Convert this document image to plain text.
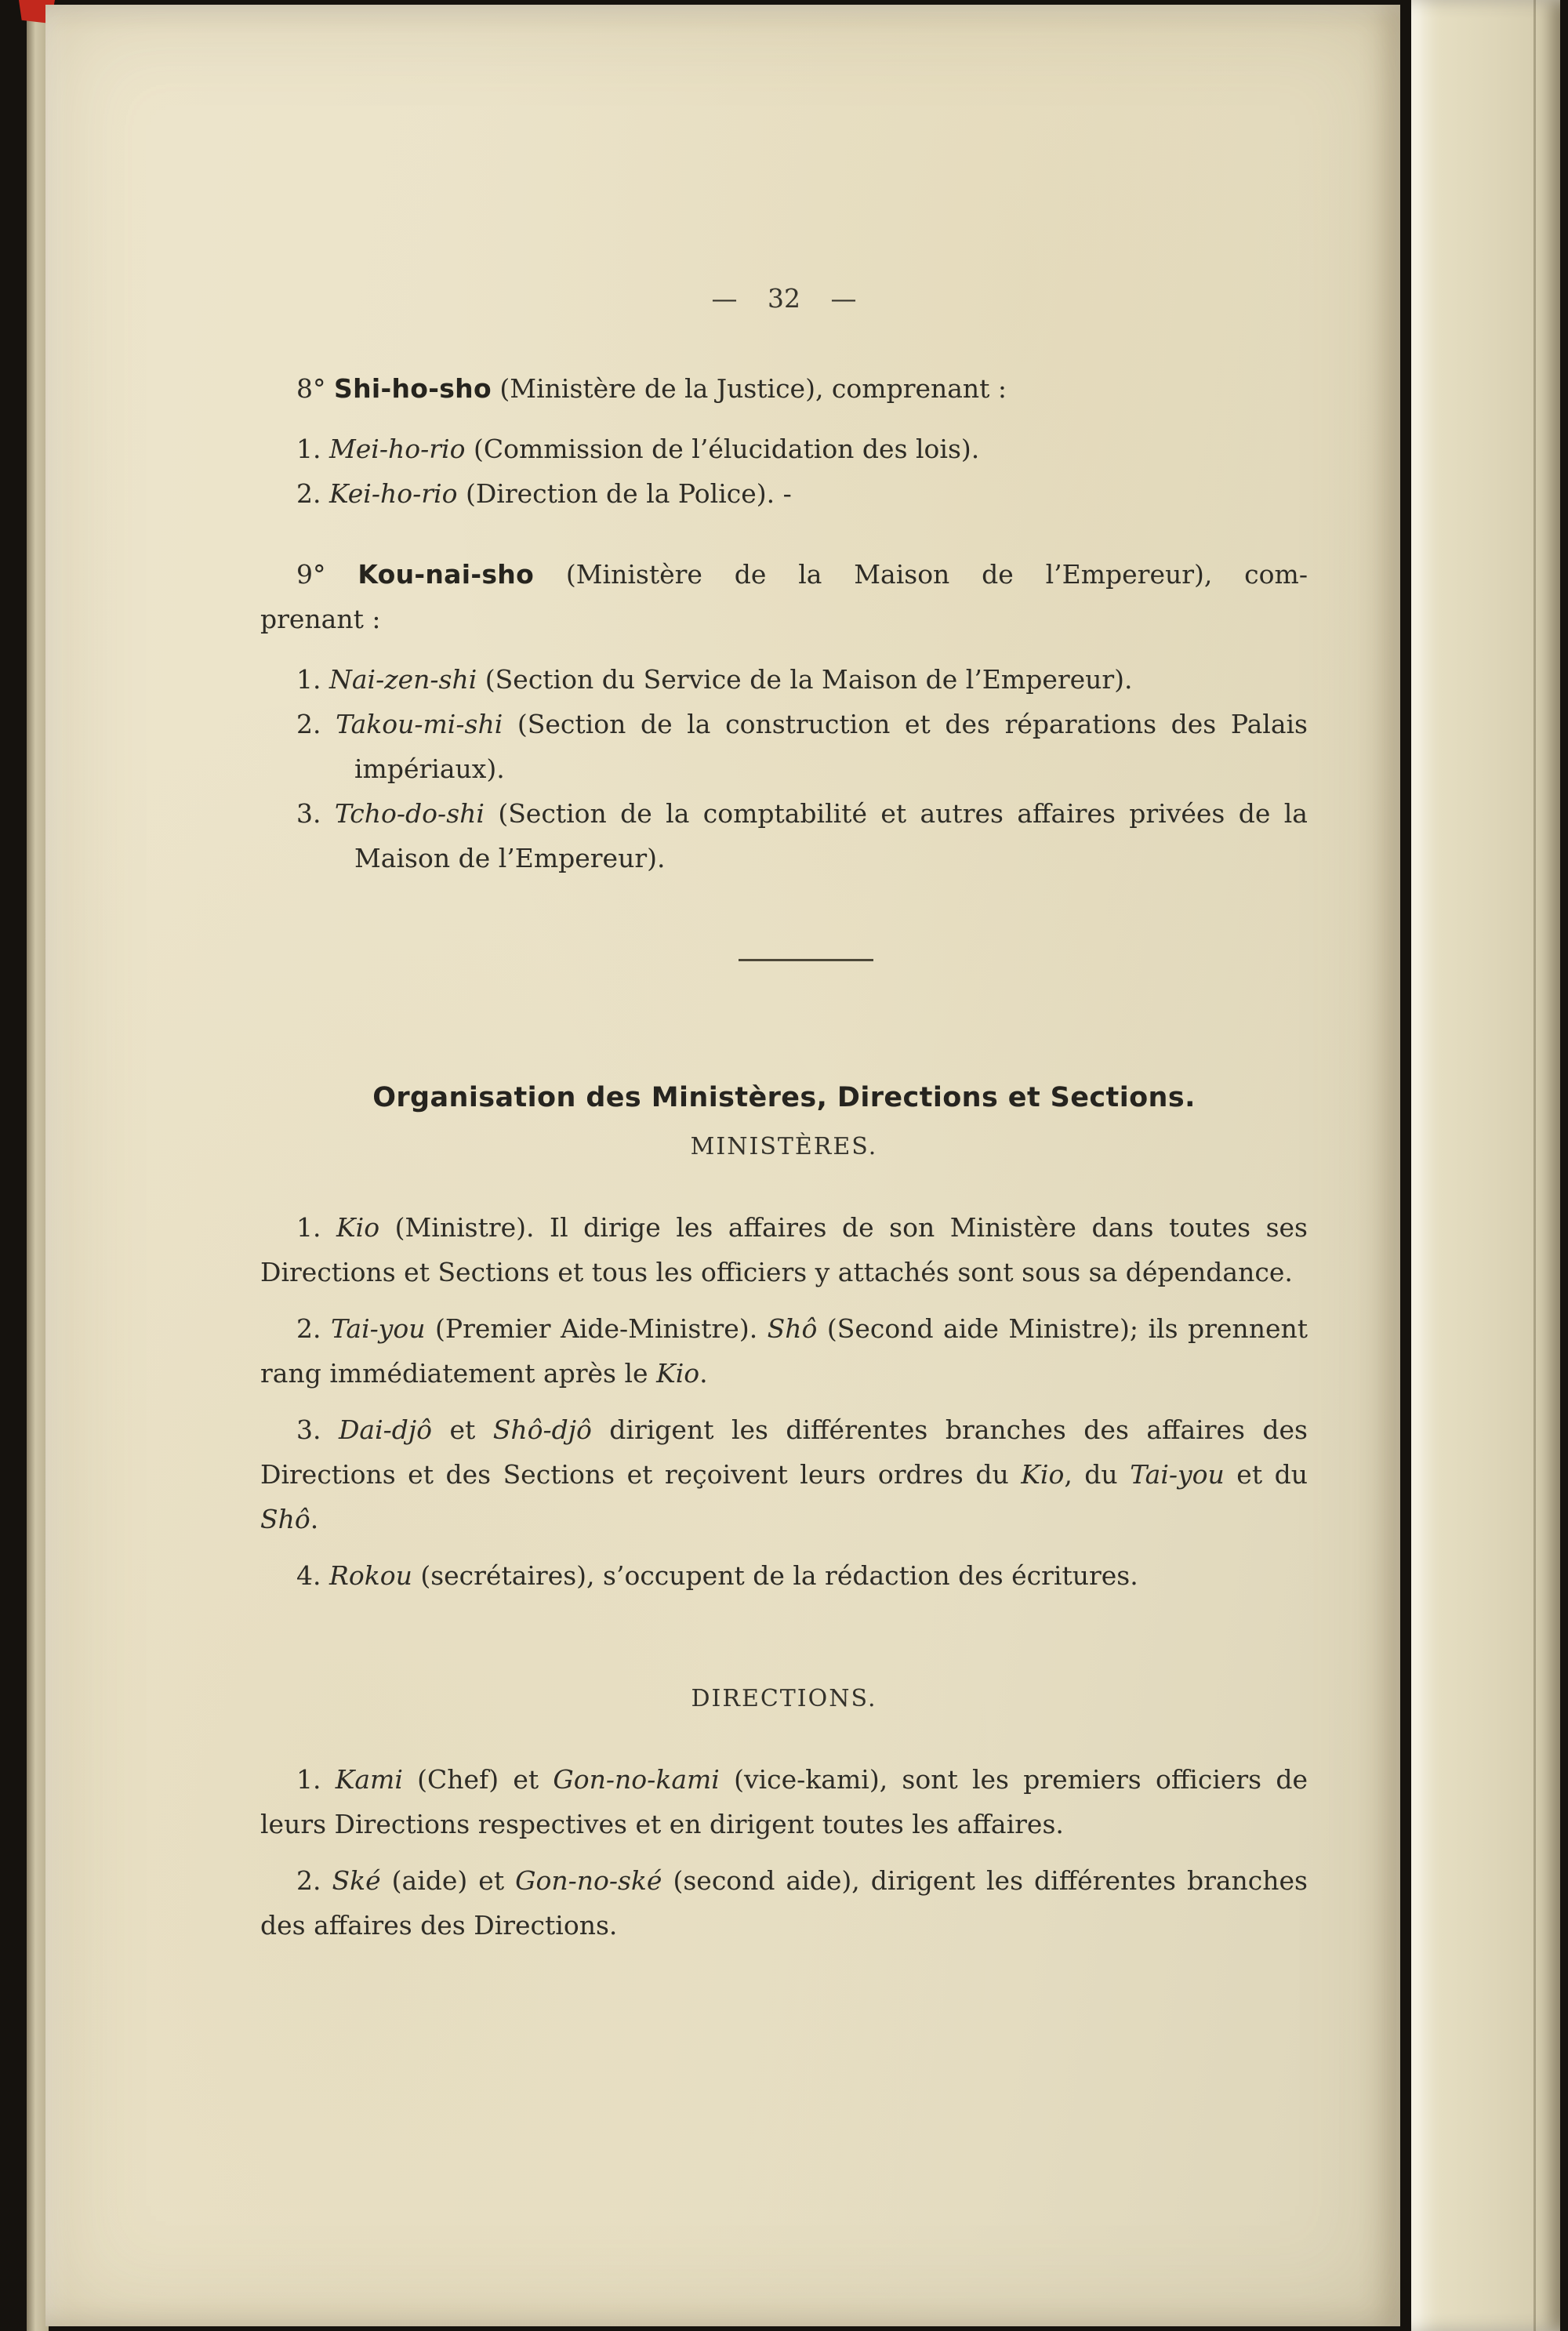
— 32 —
8° Shi-ho-sho (Ministère de la Justice), comprenant :
1. Mei-ho-rio (Commission de l’élucidation des lois).
2. Kei-ho-rio (Direction de la Police). -
9° Kou-nai-sho (Ministère de la Maison de l’Empereur), com-
prenant :
1. Nai-zen-shi (Section du Service de la Maison de l’Empereur).
2. Takou-mi-shi (Section de la construction et des réparations des Palais impériaux).
3. Tcho-do-shi (Section de la comptabilité et autres affaires privées de la Maison de l’Empereur).
Organisation des Ministères, Directions et Sections.
MINISTÈRES.
1. Kio (Ministre). Il dirige les affaires de son Ministère dans toutes ses Directions et Sections et tous les officiers y attachés sont sous sa dépendance.
2. Tai-you (Premier Aide-Ministre). Shô (Second aide Ministre); ils prennent rang immédiatement après le Kio.
3. Dai-djô et Shô-djô dirigent les différentes branches des affaires des Directions et des Sections et reçoivent leurs ordres du Kio, du Tai-you et du Shô.
4. Rokou (secrétaires), s’occupent de la rédaction des écritures.
DIRECTIONS.
1. Kami (Chef) et Gon-no-kami (vice-kami), sont les premiers officiers de leurs Directions respectives et en dirigent toutes les affaires.
2. Ské (aide) et Gon-no-ské (second aide), dirigent les différentes branches des affaires des Directions.
